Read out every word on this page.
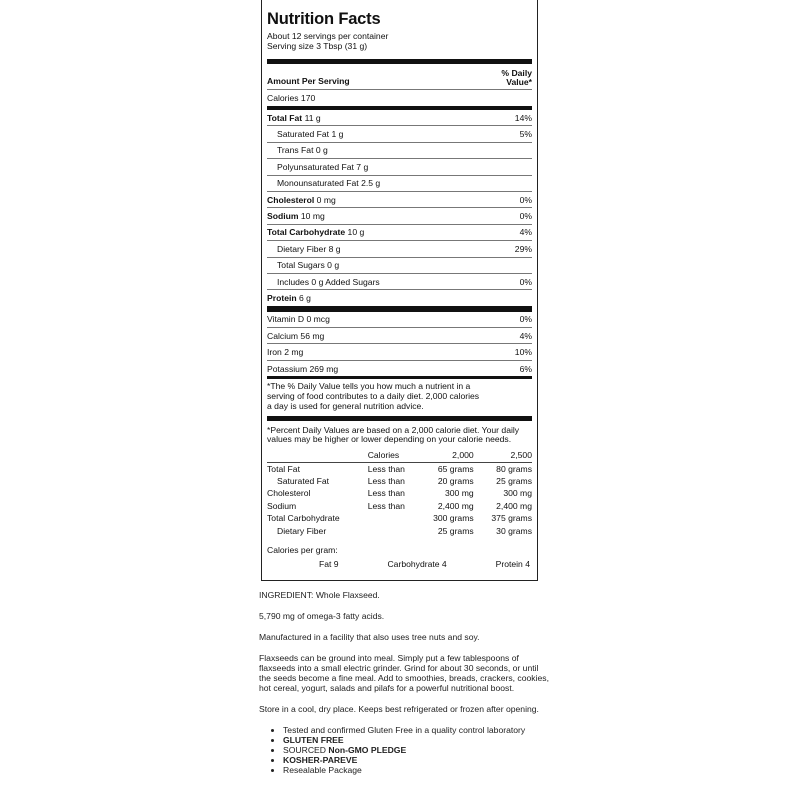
Nutrition Facts
About 12 servings per container
Serving size 3 Tbsp (31 g)
Amount Per Serving
% Daily
Value*
Calories 170
Total Fat 11 g	14%
Saturated Fat 1 g	5%
Trans Fat 0 g
Polyunsaturated Fat 7 g
Monounsaturated Fat 2.5 g
Cholesterol 0 mg	0%
Sodium 10 mg	0%
Total Carbohydrate 10 g	4%
Dietary Fiber 8 g	29%
Total Sugars 0 g
Includes 0 g Added Sugars	0%
Protein 6 g
Vitamin D 0 mcg	0%
Calcium 56 mg	4%
Iron 2 mg	10%
Potassium 269 mg	6%
*The % Daily Value tells you how much a nutrient in a serving of food contributes to a daily diet. 2,000 calories a day is used for general nutrition advice.
*Percent Daily Values are based on a 2,000 calorie diet. Your daily values may be higher or lower depending on your calorie needs.
	Calories	2,000	2,500
Total Fat	Less than	65 grams	80 grams
Saturated Fat	Less than	20 grams	25 grams
Cholesterol	Less than	300 mg	300 mg
Sodium	Less than	2,400 mg	2,400 mg
Total Carbohydrate		300 grams	375 grams
Dietary Fiber		25 grams	30 grams
Calories per gram:
Fat 9	Carbohydrate 4	Protein 4

INGREDIENT: Whole Flaxseed.

5,790 mg of omega-3 fatty acids.

Manufactured in a facility that also uses tree nuts and soy.

Flaxseeds can be ground into meal. Simply put a few tablespoons of flaxseeds into a small electric grinder. Grind for about 30 seconds, or until the seeds become a fine meal. Add to smoothies, breads, crackers, cookies, hot cereal, yogurt, salads and pilafs for a powerful nutritional boost.

Store in a cool, dry place. Keeps best refrigerated or frozen after opening.

• Tested and confirmed Gluten Free in a quality control laboratory
• GLUTEN FREE
• SOURCED Non-GMO PLEDGE
• KOSHER-PAREVE
• Resealable Package
